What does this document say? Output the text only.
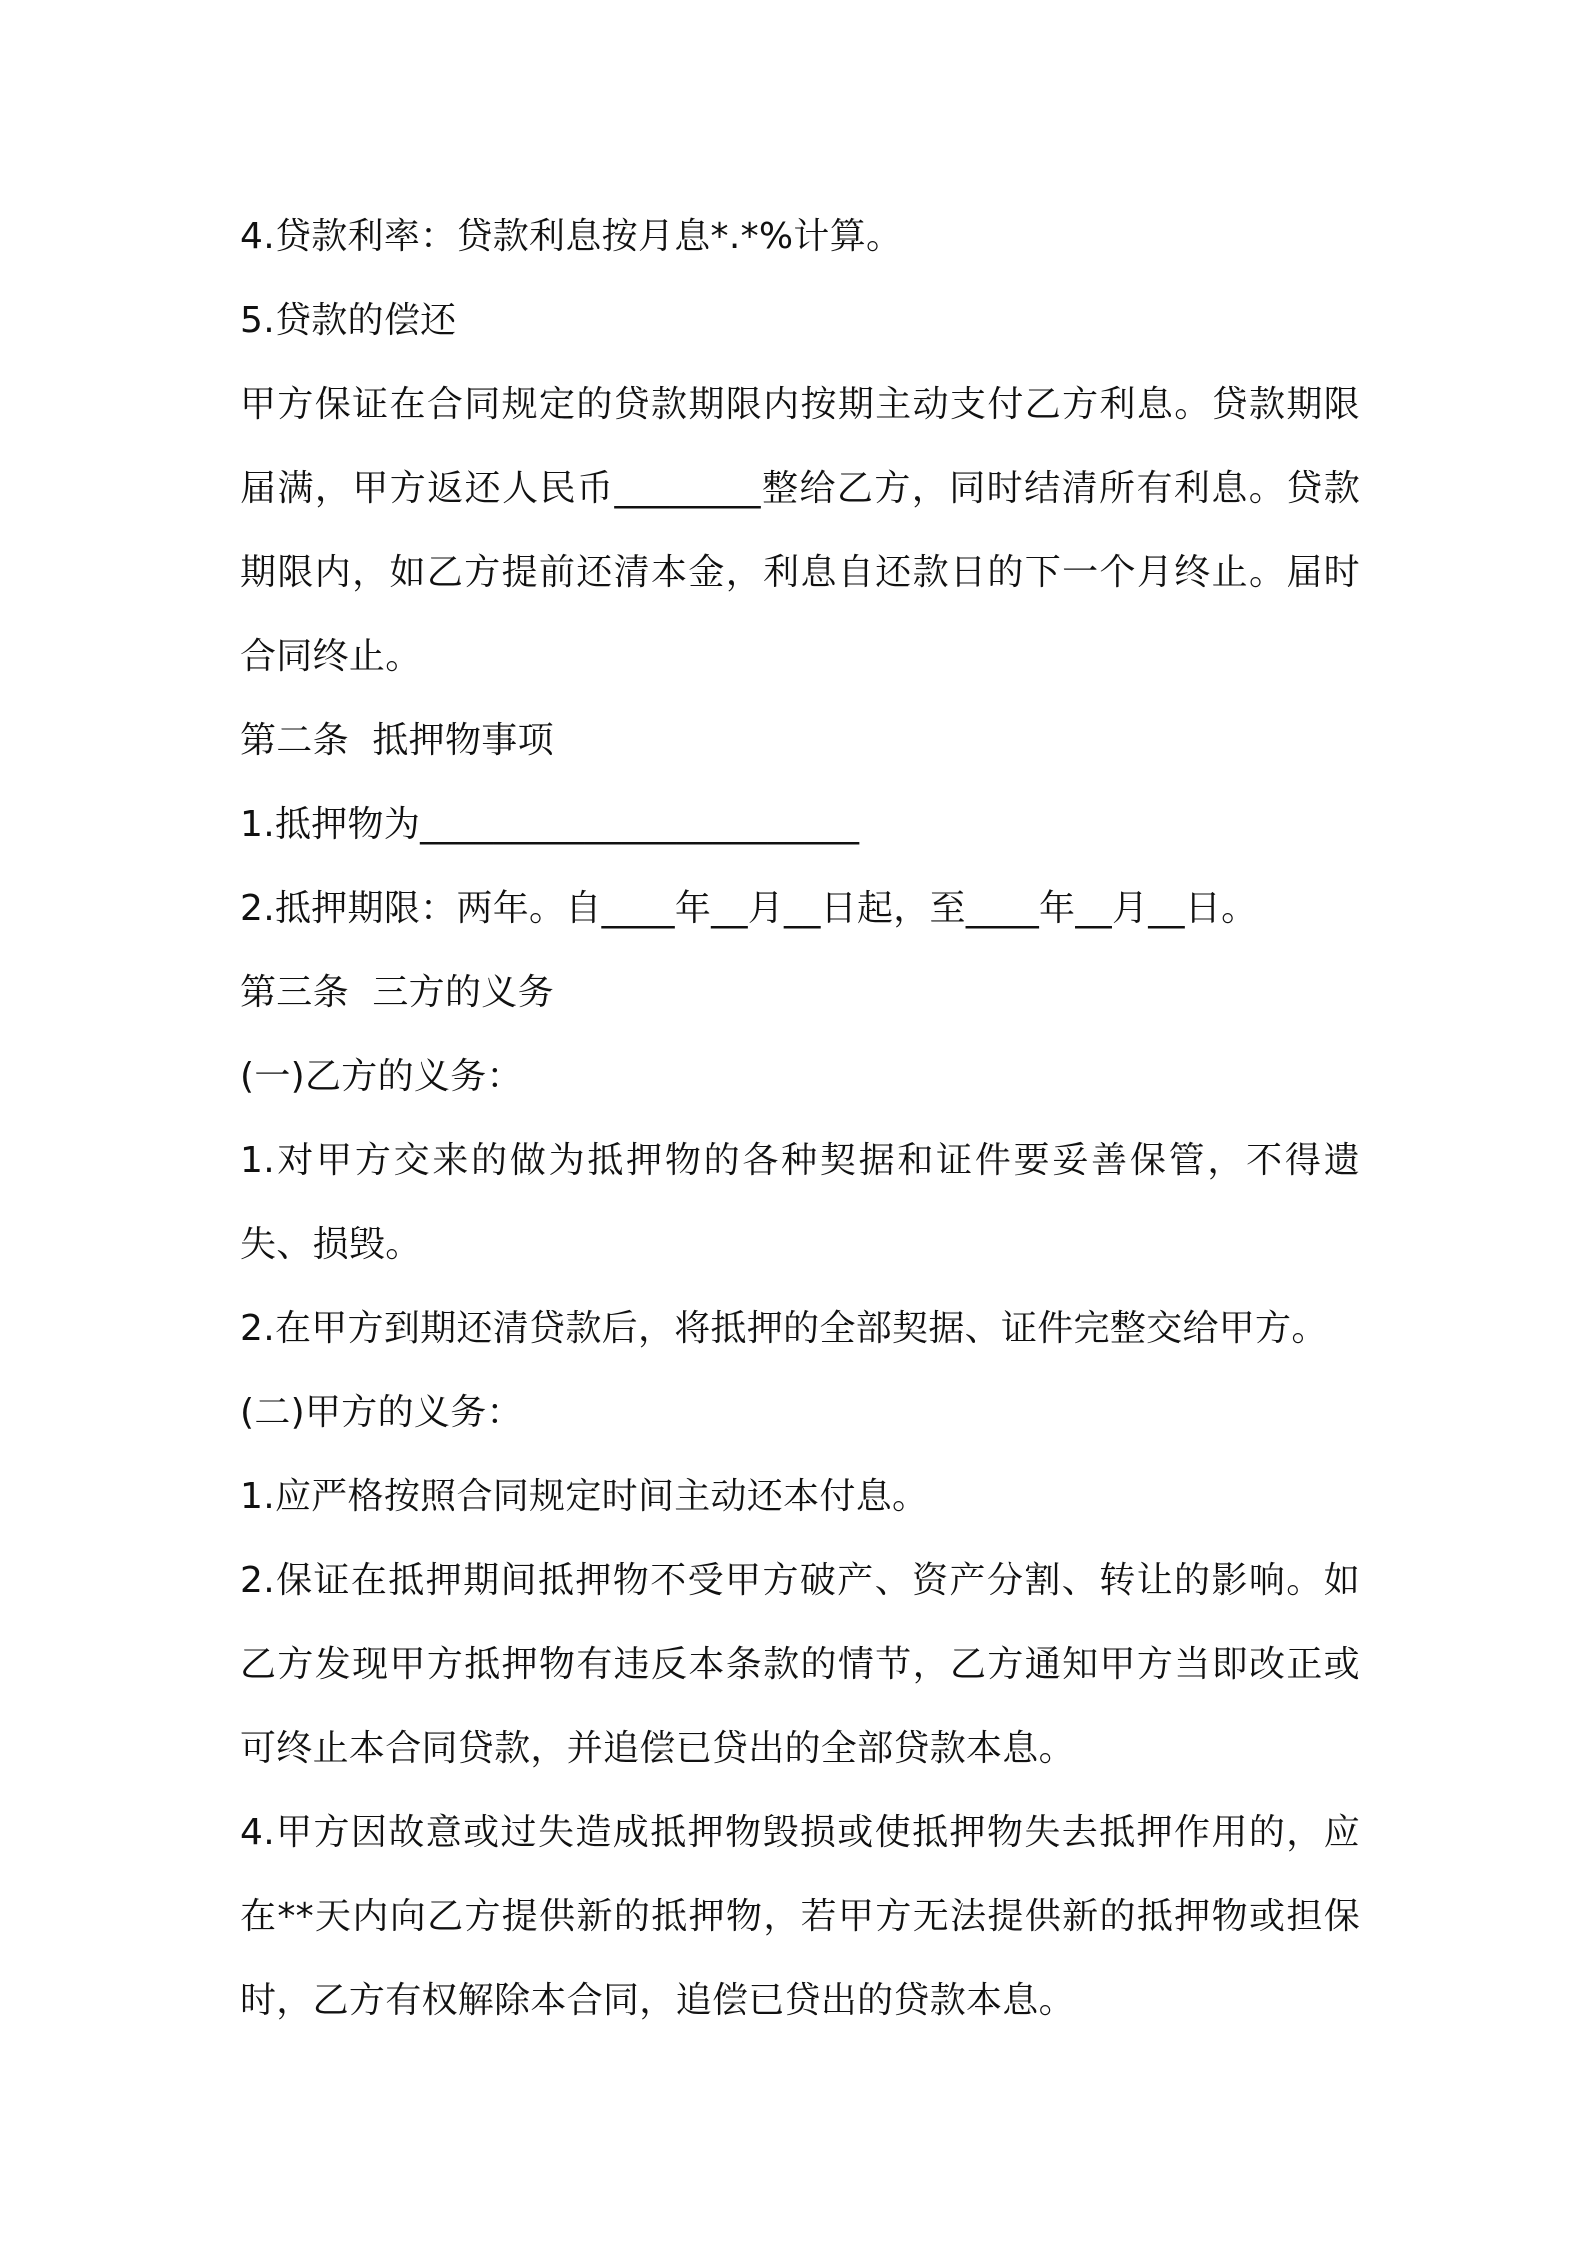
4.贷款利率：贷款利息按月息*.*%计算。

5.贷款的偿还

甲方保证在合同规定的贷款期限内按期主动支付乙方利息。贷款期限届满，甲方返还人民币________整给乙方，同时结清所有利息。贷款期限内，如乙方提前还清本金，利息自还款日的下一个月终止。届时合同终止。

第二条  抵押物事项

1.抵押物为________________________

2.抵押期限：两年。自____年__月__日起，至____年__月__日。

第三条  三方的义务

(一)乙方的义务：

1.对甲方交来的做为抵押物的各种契据和证件要妥善保管，不得遗失、损毁。

2.在甲方到期还清贷款后，将抵押的全部契据、证件完整交给甲方。

(二)甲方的义务：

1.应严格按照合同规定时间主动还本付息。

2.保证在抵押期间抵押物不受甲方破产、资产分割、转让的影响。如乙方发现甲方抵押物有违反本条款的情节，乙方通知甲方当即改正或可终止本合同贷款，并追偿已贷出的全部贷款本息。

4.甲方因故意或过失造成抵押物毁损或使抵押物失去抵押作用的，应在**天内向乙方提供新的抵押物，若甲方无法提供新的抵押物或担保时，乙方有权解除本合同，追偿已贷出的贷款本息。
